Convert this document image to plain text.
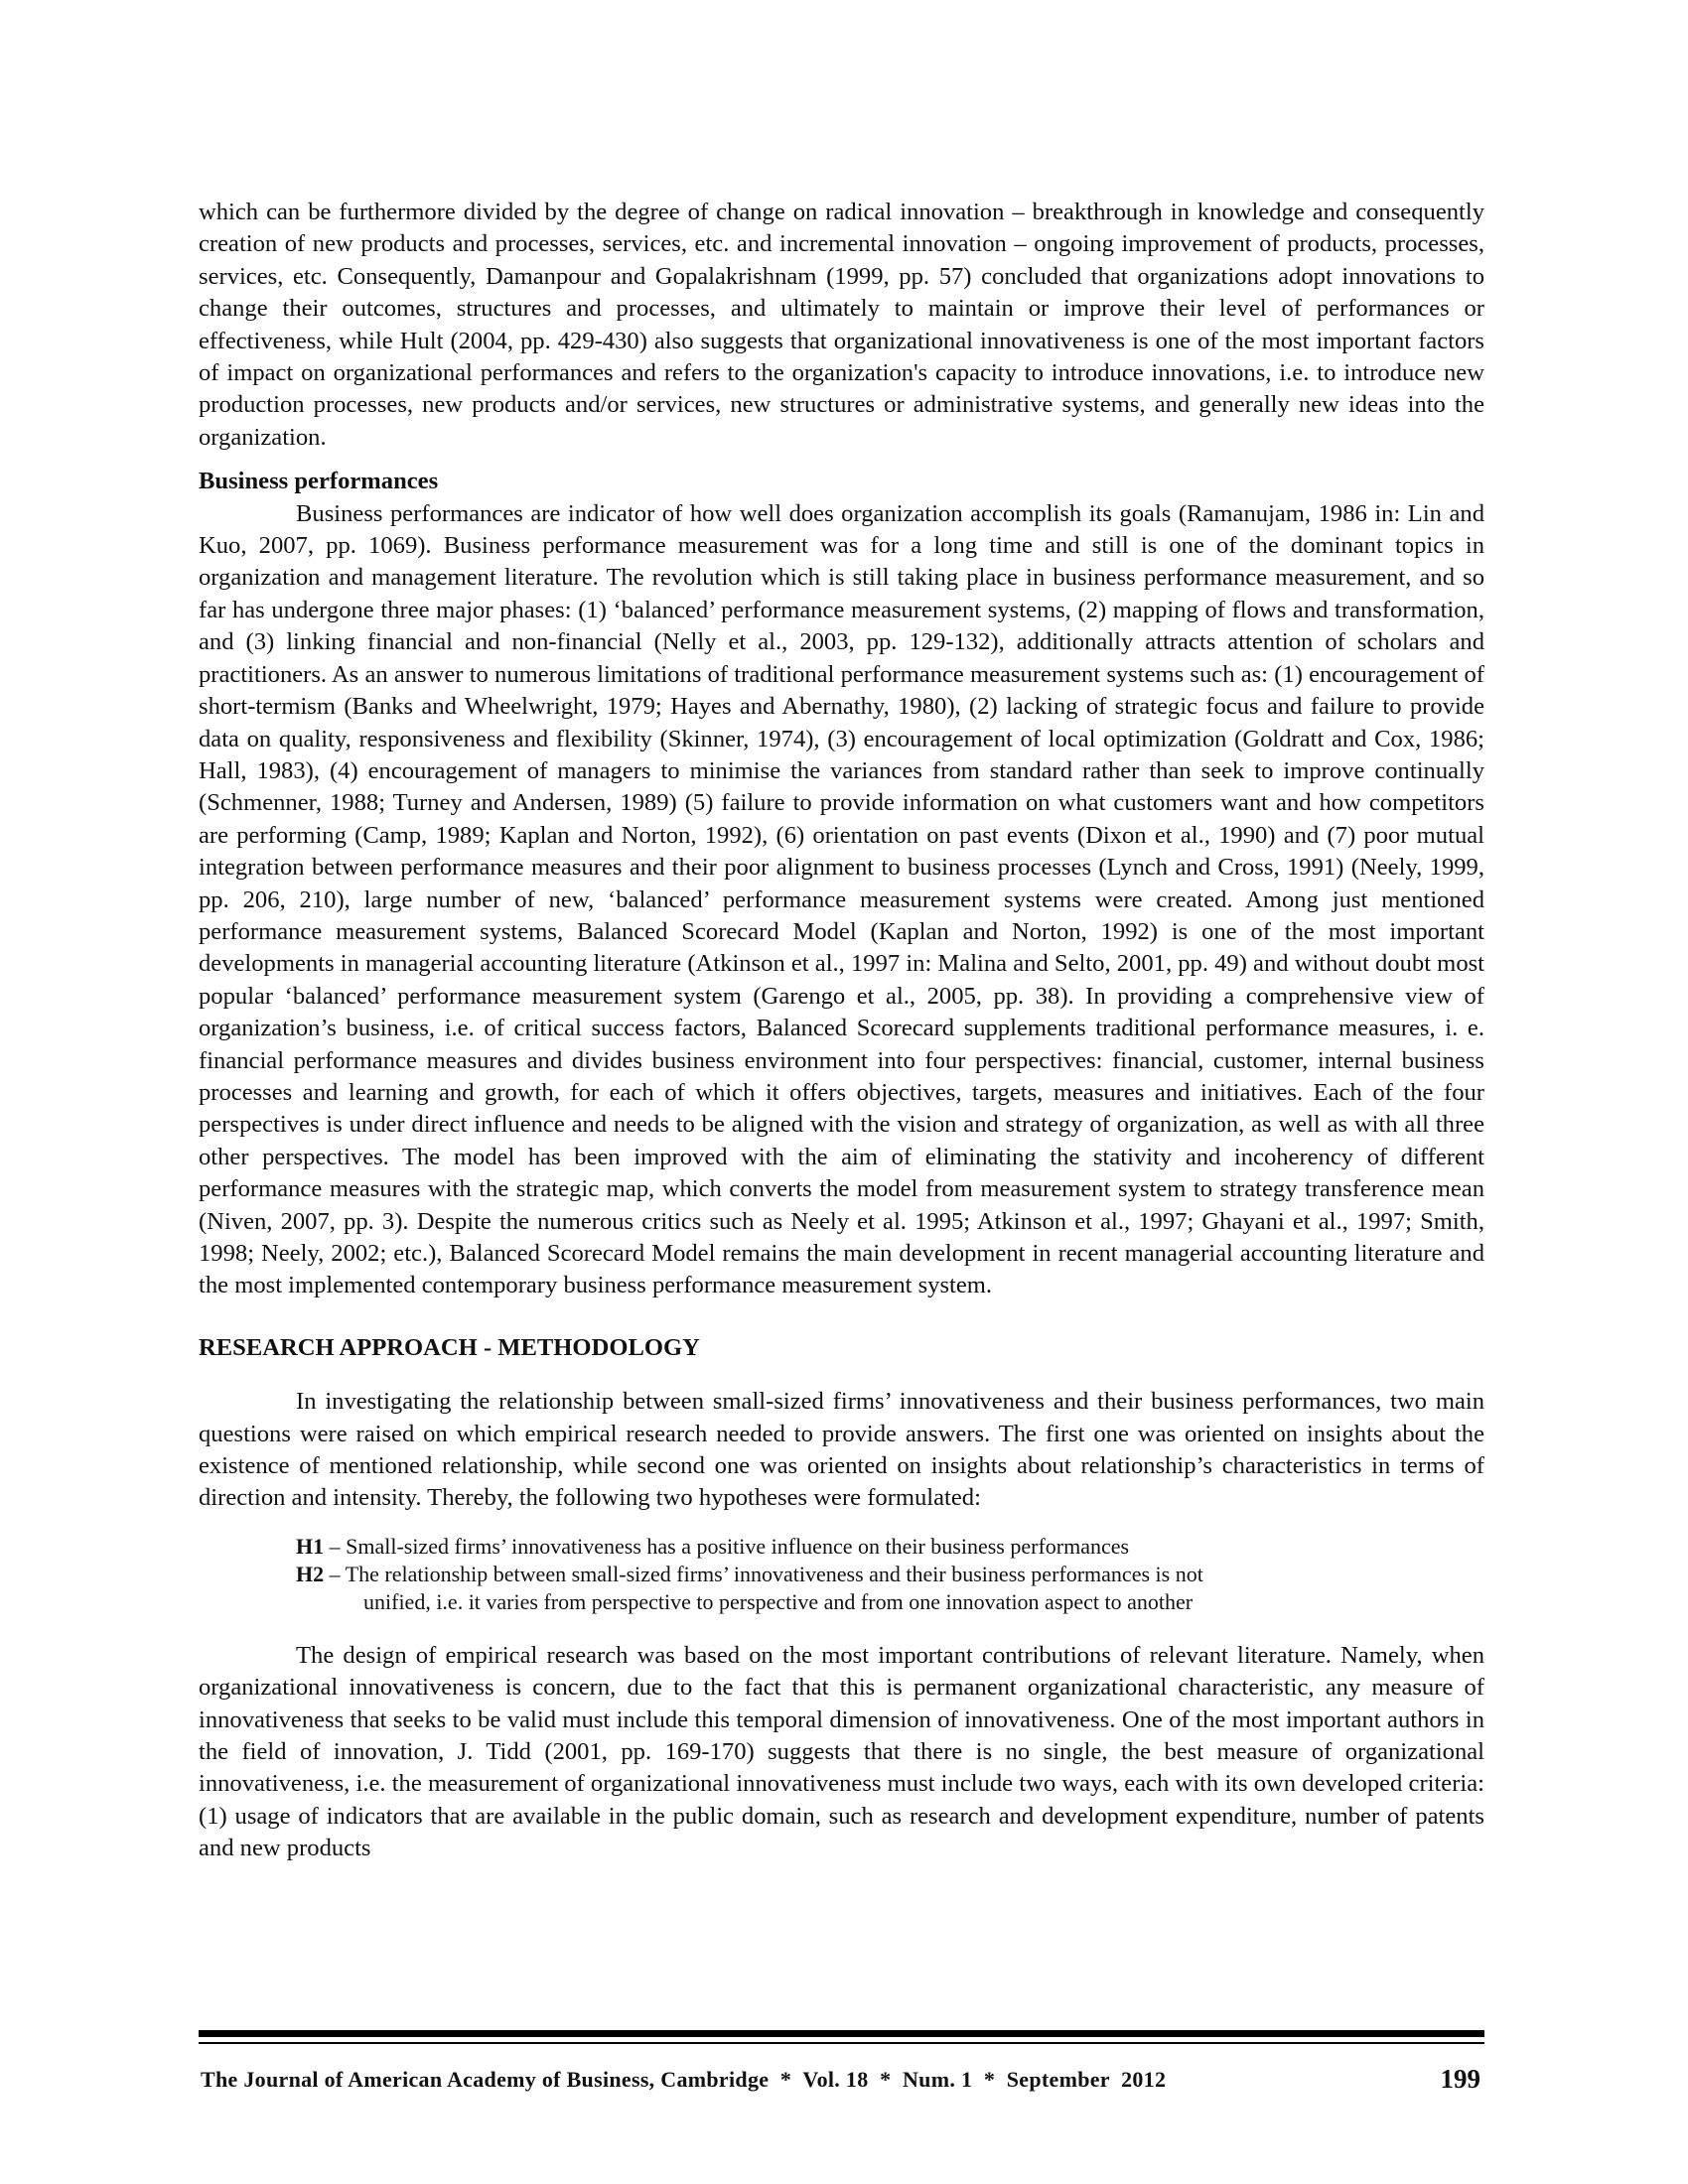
which can be furthermore divided by the degree of change on radical innovation – breakthrough in knowledge and consequently creation of new products and processes, services, etc. and incremental innovation – ongoing improvement of products, processes, services, etc. Consequently, Damanpour and Gopalakrishnam (1999, pp. 57) concluded that organizations adopt innovations to change their outcomes, structures and processes, and ultimately to maintain or improve their level of performances or effectiveness, while Hult (2004, pp. 429-430) also suggests that organizational innovativeness is one of the most important factors of impact on organizational performances and refers to the organization's capacity to introduce innovations, i.e. to introduce new production processes, new products and/or services, new structures or administrative systems, and generally new ideas into the organization.

Business performances

Business performances are indicator of how well does organization accomplish its goals (Ramanujam, 1986 in: Lin and Kuo, 2007, pp. 1069). Business performance measurement was for a long time and still is one of the dominant topics in organization and management literature. The revolution which is still taking place in business performance measurement, and so far has undergone three major phases: (1) ‘balanced’ performance measurement systems, (2) mapping of flows and transformation, and (3) linking financial and non-financial (Nelly et al., 2003, pp. 129-132), additionally attracts attention of scholars and practitioners. As an answer to numerous limitations of traditional performance measurement systems such as: (1) encouragement of short-termism (Banks and Wheelwright, 1979; Hayes and Abernathy, 1980), (2) lacking of strategic focus and failure to provide data on quality, responsiveness and flexibility (Skinner, 1974), (3) encouragement of local optimization (Goldratt and Cox, 1986; Hall, 1983), (4) encouragement of managers to minimise the variances from standard rather than seek to improve continually (Schmenner, 1988; Turney and Andersen, 1989) (5) failure to provide information on what customers want and how competitors are performing (Camp, 1989; Kaplan and Norton, 1992), (6) orientation on past events (Dixon et al., 1990) and (7) poor mutual integration between performance measures and their poor alignment to business processes (Lynch and Cross, 1991) (Neely, 1999, pp. 206, 210), large number of new, ‘balanced’ performance measurement systems were created. Among just mentioned performance measurement systems, Balanced Scorecard Model (Kaplan and Norton, 1992) is one of the most important developments in managerial accounting literature (Atkinson et al., 1997 in: Malina and Selto, 2001, pp. 49) and without doubt most popular ‘balanced’ performance measurement system (Garengo et al., 2005, pp. 38). In providing a comprehensive view of organization’s business, i.e. of critical success factors, Balanced Scorecard supplements traditional performance measures, i. e. financial performance measures and divides business environment into four perspectives: financial, customer, internal business processes and learning and growth, for each of which it offers objectives, targets, measures and initiatives. Each of the four perspectives is under direct influence and needs to be aligned with the vision and strategy of organization, as well as with all three other perspectives. The model has been improved with the aim of eliminating the stativity and incoherency of different performance measures with the strategic map, which converts the model from measurement system to strategy transference mean (Niven, 2007, pp. 3). Despite the numerous critics such as Neely et al. 1995; Atkinson et al., 1997; Ghayani et al., 1997; Smith, 1998; Neely, 2002; etc.), Balanced Scorecard Model remains the main development in recent managerial accounting literature and the most implemented contemporary business performance measurement system.

RESEARCH APPROACH - METHODOLOGY

In investigating the relationship between small-sized firms’ innovativeness and their business performances, two main questions were raised on which empirical research needed to provide answers. The first one was oriented on insights about the existence of mentioned relationship, while second one was oriented on insights about relationship’s characteristics in terms of direction and intensity. Thereby, the following two hypotheses were formulated:

H1 – Small-sized firms’ innovativeness has a positive influence on their business performances
H2 – The relationship between small-sized firms’ innovativeness and their business performances is not
unified, i.e. it varies from perspective to perspective and from one innovation aspect to another

The design of empirical research was based on the most important contributions of relevant literature. Namely, when organizational innovativeness is concern, due to the fact that this is permanent organizational characteristic, any measure of innovativeness that seeks to be valid must include this temporal dimension of innovativeness. One of the most important authors in the field of innovation, J. Tidd (2001, pp. 169-170) suggests that there is no single, the best measure of organizational innovativeness, i.e. the measurement of organizational innovativeness must include two ways, each with its own developed criteria: (1) usage of indicators that are available in the public domain, such as research and development expenditure, number of patents and new products

The Journal of American Academy of Business, Cambridge  *  Vol. 18  *  Num. 1  *  September  2012	199
